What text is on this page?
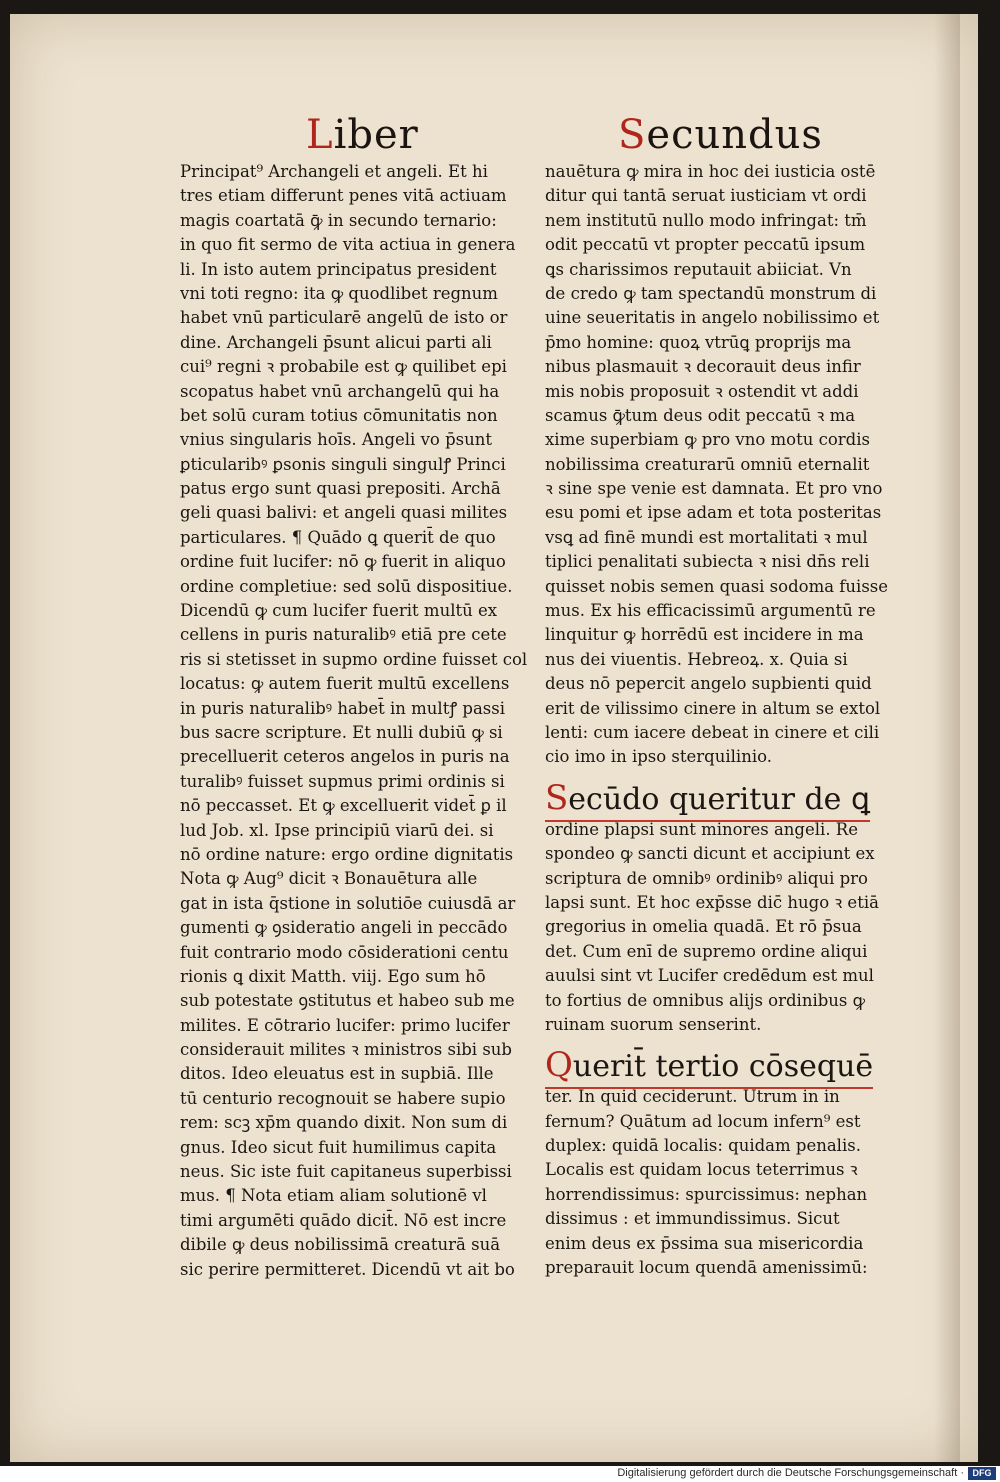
Liber	Secundus
Principat⁹ Archangeli et angeli. Et hi
tres etiam differunt penes vitā actiuam
magis coartatā ꝙ̄ in secundo ternario:
in quo fit sermo de vita actiua in genera
li. In isto autem principatus president
vni toti regno: ita ꝙ quodlibet regnum
habet vnū particularē angelū de isto or
dine. Archangeli p̄sunt alicui parti ali
cui⁹ regni ꝛ probabile est ꝙ quilibet epi
scopatus habet vnū archangelū qui ha
bet solū curam totius cōmunitatis non
vnius singularis hoīs. Angeli vo p̄sunt
ꝑticularibꝰ ꝑsonis singuli singulꝭ Princi
patus ergo sunt quasi prepositi. Archā
geli quasi balivi: et angeli quasi milites
particulares. ¶ Quādo ꝗ querit̄ de quo
ordine fuit lucifer: nō ꝙ fuerit in aliquo
ordine completiue: sed solū dispositiue.
Dicendū ꝙ cum lucifer fuerit multū ex
cellens in puris naturalibꝰ etiā pre cete
ris si stetisset in supmo ordine fuisset col
locatus: ꝙ autem fuerit multū excellens
in puris naturalibꝰ habet̄ in multꝭ passi
bus sacre scripture. Et nulli dubiū ꝙ si
precelluerit ceteros angelos in puris na
turalibꝰ fuisset supmus primi ordinis si
nō peccasset. Et ꝙ excelluerit videt̄ ꝑ il
lud Job. xl. Ipse principiū viarū dei. si
nō ordine nature: ergo ordine dignitatis
Nota ꝙ Aug⁹ dicit ꝛ Bonauētura alle
gat in ista q̄stione in solutiōe cuiusdā ar
gumenti ꝙ ꝯsideratio angeli in peccādo
fuit contrario modo cōsiderationi centu
rionis ꝗ dixit Matth. viij. Ego sum hō
sub potestate ꝯstitutus et habeo sub me
milites. E cōtrario lucifer: primo lucifer
considerauit milites ꝛ ministros sibi sub
ditos. Ideo eleuatus est in supbiā. Ille
tū centurio recognouit se habere supio
rem: scꝫ xp̄m quando dixit. Non sum di
gnus. Ideo sicut fuit humilimus capita
neus. Sic iste fuit capitaneus superbissi
mus. ¶ Nota etiam aliam solutionē vl
timi argumēti quādo dicit̄. Nō est incre
dibile ꝙ deus nobilissimā creaturā suā
sic perire permitteret. Dicendū vt ait bo
nauētura ꝙ mira in hoc dei iusticia ostē
ditur qui tantā seruat iusticiam vt ordi
nem institutū nullo modo infringat: tm̄
odit peccatū vt propter peccatū ipsum
ꝗs charissimos reputauit abiiciat. Vn
de credo ꝙ tam spectandū monstrum di
uine seueritatis in angelo nobilissimo et
p̄mo homine: quoꝝ vtrūꝗ proprijs ma
nibus plasmauit ꝛ decorauit deus infir
mis nobis proposuit ꝛ ostendit vt addi
scamus ꝙ̄tum deus odit peccatū ꝛ ma
xime superbiam ꝙ pro vno motu cordis
nobilissima creaturarū omniū eternalit
ꝛ sine spe venie est damnata. Et pro vno
esu pomi et ipse adam et tota posteritas
vsꝗ ad finē mundi est mortalitati ꝛ mul
tiplici penalitati subiecta ꝛ nisi dn̄s reli
quisset nobis semen quasi sodoma fuisse
mus. Ex his efficacissimū argumentū re
linquitur ꝙ horrēdū est incidere in ma
nus dei viuentis. Hebreoꝝ. x. Quia si
deus nō pepercit angelo supbienti quid
erit de vilissimo cinere in altum se extol
lenti: cum iacere debeat in cinere et cili
cio imo in ipso sterquilinio.
Secūdo queritur de ꝗ
ordine plapsi sunt minores angeli. Re
spondeo ꝙ sancti dicunt et accipiunt ex
scriptura de omnibꝰ ordinibꝰ aliqui pro
lapsi sunt. Et hoc exp̄sse dic̄ hugo ꝛ etiā
gregorius in omelia quadā. Et rō p̄sua
det. Cum enī de supremo ordine aliqui
auulsi sint vt Lucifer credēdum est mul
to fortius de omnibus alijs ordinibus ꝙ
ruinam suorum senserint.
Querit̄ tertio cōsequē
ter. In quid ceciderunt. Utrum in in
fernum? Quātum ad locum infern⁹ est
duplex: quidā localis: quidam penalis.
Localis est quidam locus teterrimus ꝛ
horrendissimus: spurcissimus: nephan
dissimus : et immundissimus. Sicut
enim deus ex p̄ssima sua misericordia
preparauit locum quendā amenissimū:
Digitalisierung gefördert durch die Deutsche Forschungsgemeinschaft · DFG
